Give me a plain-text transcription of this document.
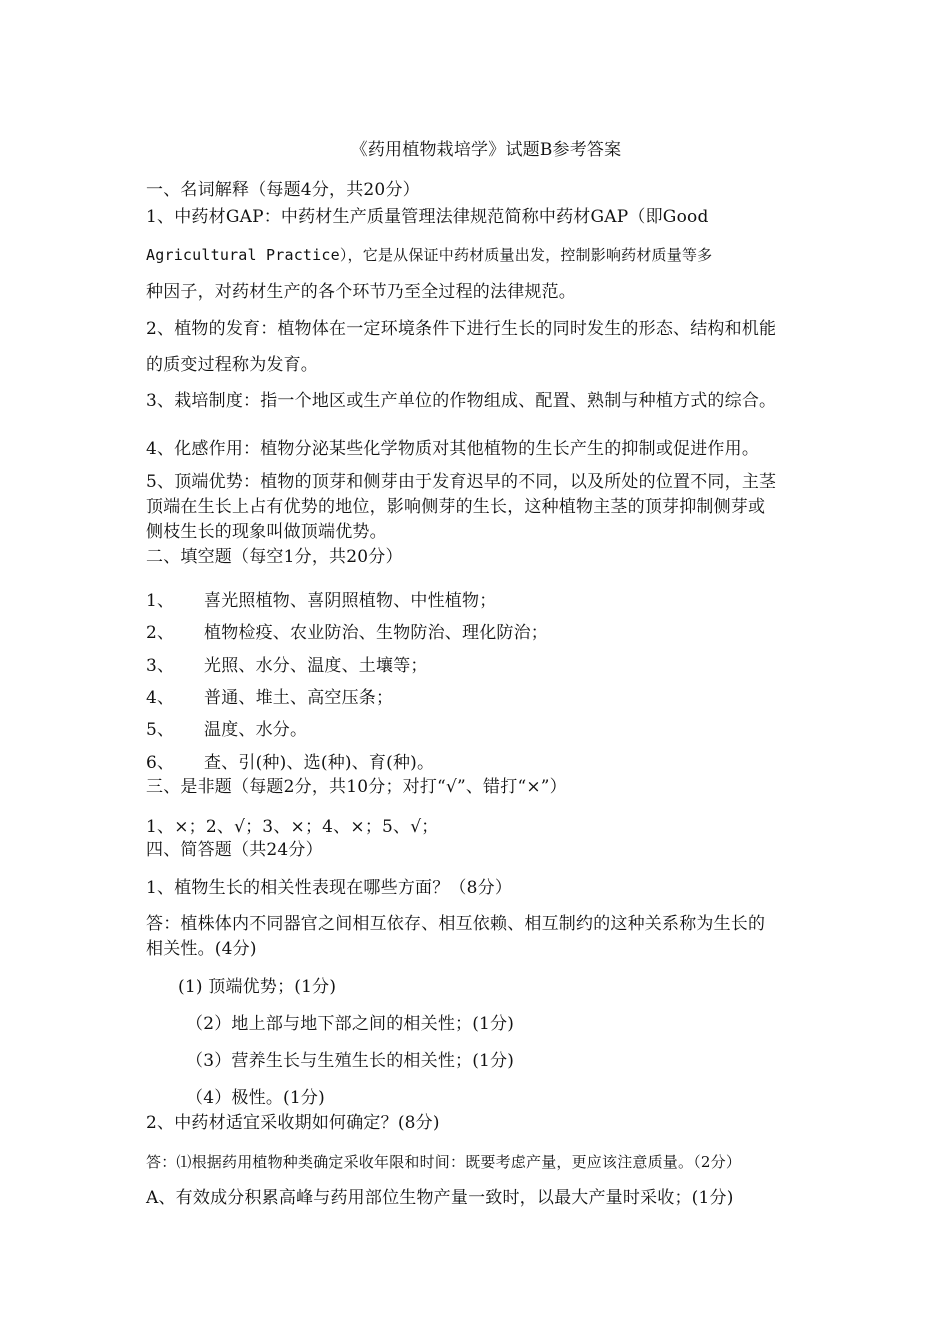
《药用植物栽培学》试题B参考答案
一、名词解释（每题4分，共20分）
1、中药材GAP：中药材生产质量管理法律规范简称中药材GAP（即Good
Agricultural Practice），它是从保证中药材质量出发，控制影响药材质量等多
种因子，对药材生产的各个环节乃至全过程的法律规范。
2、植物的发育：植物体在一定环境条件下进行生长的同时发生的形态、结构和机能
的质变过程称为发育。
3、栽培制度：指一个地区或生产单位的作物组成、配置、熟制与种植方式的综合。
4、化感作用：植物分泌某些化学物质对其他植物的生长产生的抑制或促进作用。
5、顶端优势：植物的顶芽和侧芽由于发育迟早的不同，以及所处的位置不同，主茎
顶端在生长上占有优势的地位，影响侧芽的生长，这种植物主茎的顶芽抑制侧芽或
侧枝生长的现象叫做顶端优势。
二、填空题（每空1分，共20分）
1、 喜光照植物、喜阴照植物、中性植物；
2、 植物检疫、农业防治、生物防治、理化防治；
3、 光照、水分、温度、土壤等；
4、 普通、堆土、高空压条；
5、 温度、水分。
6、 查、引(种)、选(种)、育(种)。
三、是非题（每题2分，共10分；对打“√”、错打“×”）
1、×；2、√；3、×；4、×；5、√；
四、简答题（共24分）
1、植物生长的相关性表现在哪些方面？（8分）
答：植株体内不同器官之间相互依存、相互依赖、相互制约的这种关系称为生长的
相关性。(4分)
(1) 顶端优势；(1分)
（2）地上部与地下部之间的相关性；(1分)
（3）营养生长与生殖生长的相关性；(1分)
（4）极性。(1分)
2、中药材适宜采收期如何确定？(8分)
答：⑴根据药用植物种类确定采收年限和时间：既要考虑产量，更应该注意质量。（2分）
A、有效成分积累高峰与药用部位生物产量一致时，以最大产量时采收；(1分)
